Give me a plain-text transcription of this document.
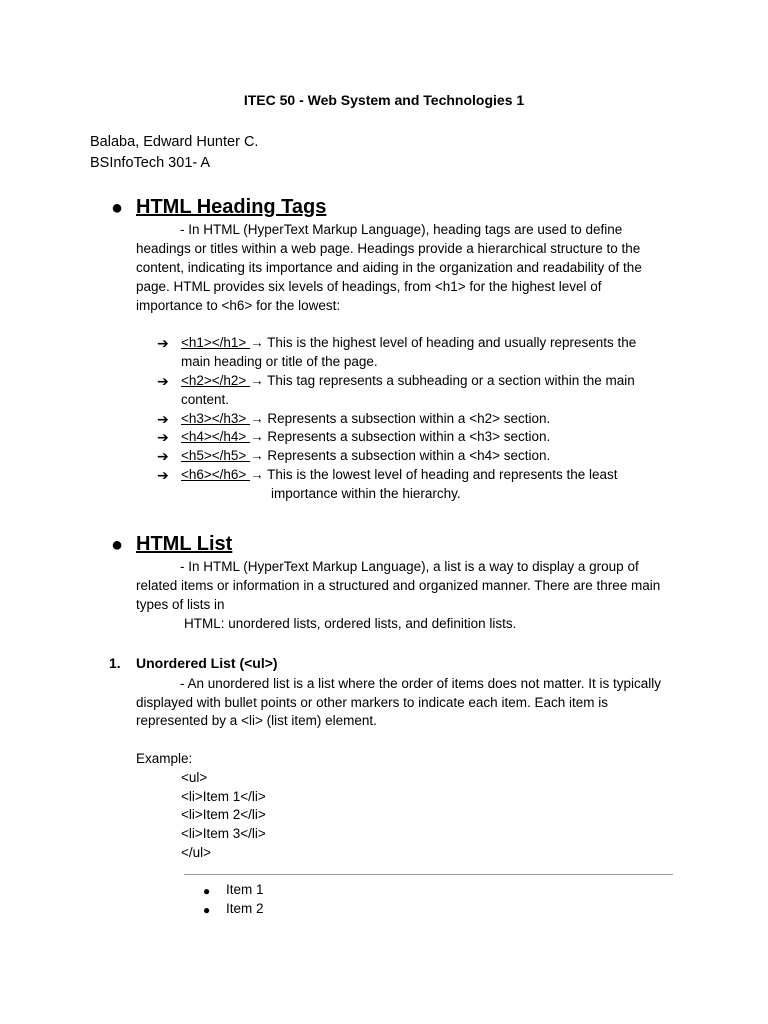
ITEC 50 - Web System and Technologies 1
Balaba, Edward Hunter C.
BSInfoTech 301- A
● HTML Heading Tags
- In HTML (HyperText Markup Language), heading tags are used to define
headings or titles within a web page. Headings provide a hierarchical structure to the
content, indicating its importance and aiding in the organization and readability of the
page. HTML provides six levels of headings, from <h1> for the highest level of
importance to <h6> for the lowest:
➔ <h1></h1> → This is the highest level of heading and usually represents the
main heading or title of the page.
➔ <h2></h2> → This tag represents a subheading or a section within the main
content.
➔ <h3></h3> → Represents a subsection within a <h2> section.
➔ <h4></h4> → Represents a subsection within a <h3> section.
➔ <h5></h5> → Represents a subsection within a <h4> section.
➔ <h6></h6> → This is the lowest level of heading and represents the least
importance within the hierarchy.
● HTML List
- In HTML (HyperText Markup Language), a list is a way to display a group of
related items or information in a structured and organized manner. There are three main
types of lists in
HTML: unordered lists, ordered lists, and definition lists.
1. Unordered List (<ul>)
- An unordered list is a list where the order of items does not matter. It is typically
displayed with bullet points or other markers to indicate each item. Each item is
represented by a <li> (list item) element.
Example:
<ul>
<li>Item 1</li>
<li>Item 2</li>
<li>Item 3</li>
</ul>
● Item 1
● Item 2
